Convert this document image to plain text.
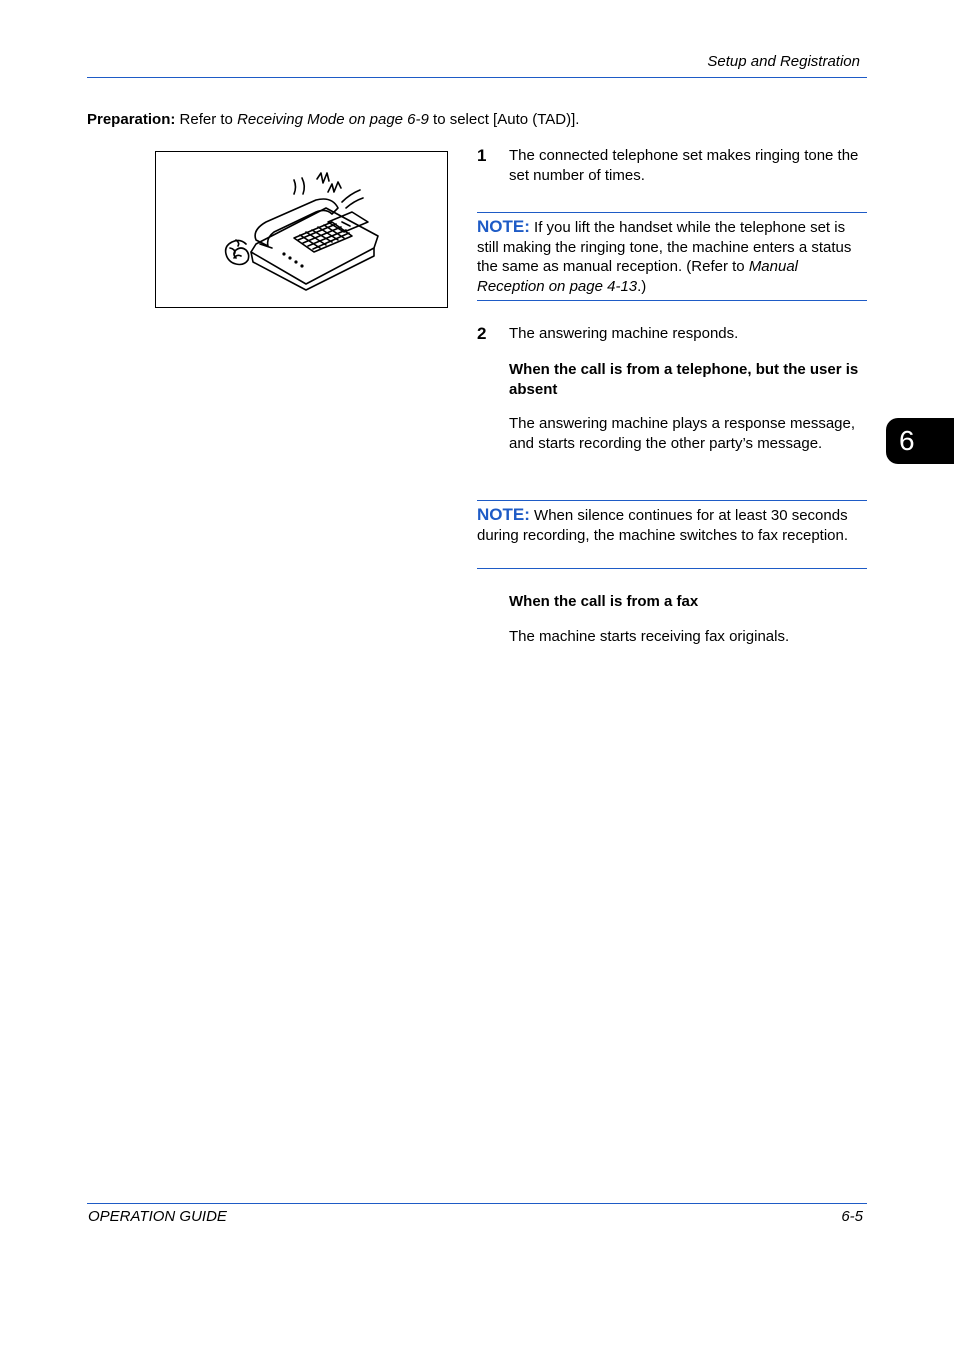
Setup and Registration
Preparation: Refer to Receiving Mode on page 6-9 to select [Auto (TAD)].
1 The connected telephone set makes ringing tone the set number of times.
NOTE: If you lift the handset while the telephone set is still making the ringing tone, the machine enters a status the same as manual reception. (Refer to Manual Reception on page 4-13.)
2 The answering machine responds.
When the call is from a telephone, but the user is absent
The answering machine plays a response message, and starts recording the other party’s message.
NOTE: When silence continues for at least 30 seconds during recording, the machine switches to fax reception.
When the call is from a fax
The machine starts receiving fax originals.
6
OPERATION GUIDE	6-5
